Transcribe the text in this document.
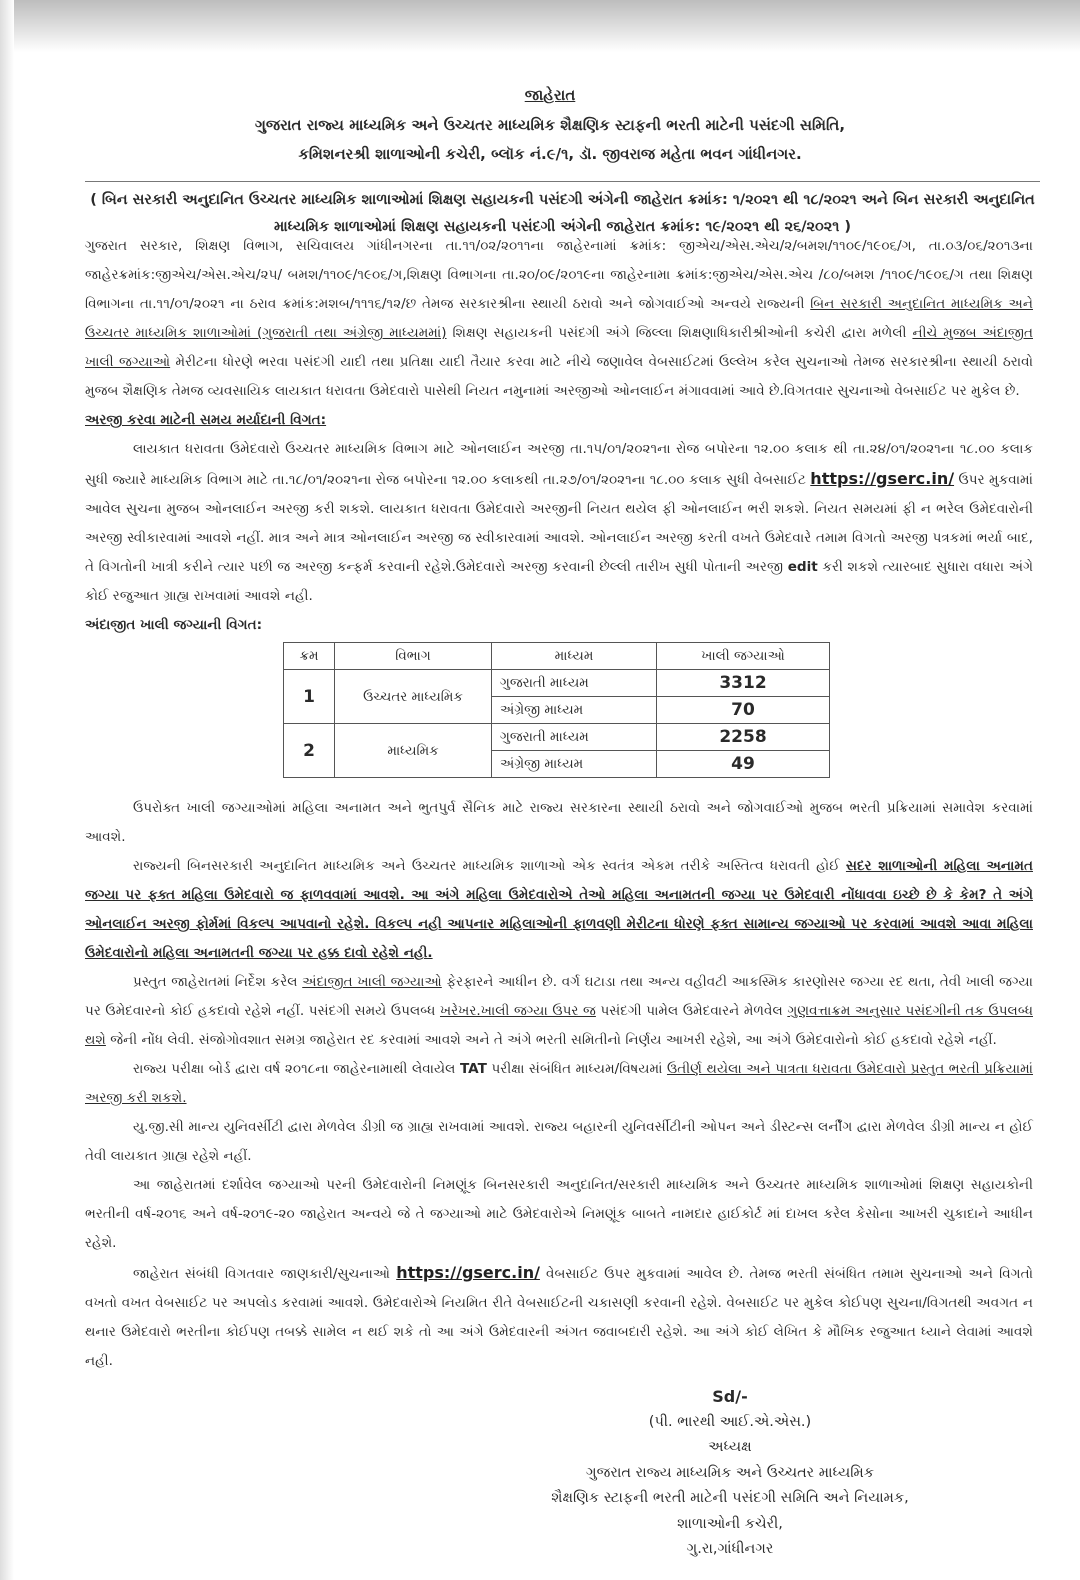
જાહેરાત
ગુજરાત રાજ્ય માધ્યમિક અને ઉચ્ચતર માધ્યમિક શૈક્ષણિક સ્ટાફની ભરતી માટેની પસંદગી સમિતિ,
કમિશનરશ્રી શાળાઓની કચેરી, બ્લૉક નં.૯/૧, ડૉ. જીવરાજ મહેતા ભવન ગાંધીનગર.
( બિન સરકારી અનુદાનિત ઉચ્ચતર માધ્યમિક શાળાઓમાં શિક્ષણ સહાયકની પસંદગી અંગેની જાહેરાત ક્રમાંક: ૧/૨૦૨૧ થી ૧૮/૨૦૨૧ અને બિન સરકારી અનુદાનિત માધ્યમિક શાળાઓમાં શિક્ષણ સહાયકની પસંદગી અંગેની જાહેરાત ક્રમાંક: ૧૯/૨૦૨૧ થી ૨૬/૨૦૨૧ )

ગુજરાત સરકાર, શિક્ષણ વિભાગ, સચિવાલય ગાંધીનગરના તા.૧૧/૦૨/૨૦૧૧ના જાહેરનામાં ક્રમાંક: જીએચ/એસ.એચ/૨/બમશ/૧૧૦૯/૧૯૦૬/ગ, તા.૦૩/૦૬/૨૦૧૩ના જાહેરક્રમાંક:જીએચ/એસ.એચ/૨૫/ બમશ/૧૧૦૯/૧૯૦૬/ગ,શિક્ષણ વિભાગના તા.૨૦/૦૯/૨૦૧૯ના જાહેરનામા ક્રમાંક:જીએચ/એસ.એચ /૮૦/બમશ /૧૧૦૯/૧૯૦૬/ગ તથા શિક્ષણ વિભાગના તા.૧૧/૦૧/૨૦૨૧ ના ઠરાવ ક્રમાંક:મશબ/૧૧૧૬/૧૨/છ તેમજ સરકારશ્રીના સ્થાયી ઠરાવો અને જોગવાઈઓ અન્વયે રાજ્યની બિન સરકારી અનુદાનિત માધ્યમિક અને ઉચ્ચતર માધ્યમિક શાળાઓમાં (ગુજરાતી તથા અંગ્રેજી માધ્યમમાં) શિક્ષણ સહાયકની પસંદગી અંગે જિલ્લા શિક્ષણાધિકારીશ્રીઓની કચેરી દ્વારા મળેલી નીચે મુજબ અંદાજીત ખાલી જગ્યાઓ મેરીટના ધોરણે ભરવા પસંદગી યાદી તથા પ્રતિક્ષા યાદી તૈયાર કરવા માટે નીચે જણાવેલ વેબસાઈટમાં ઉલ્લેખ કરેલ સુચનાઓ તેમજ સરકારશ્રીના સ્થાયી ઠરાવો મુજબ શૈક્ષણિક તેમજ વ્યવસાયિક લાયકાત ધરાવતા ઉમેદવારો પાસેથી નિયત નમુનામાં અરજીઓ ઓનલાઈન મંગાવવામાં આવે છે.વિગતવાર સુચનાઓ વેબસાઈટ પર મુકેલ છે.

અરજી કરવા માટેની સમય મર્યાદાની વિગત:

લાયકાત ધરાવતા ઉમેદવારો ઉચ્ચતર માધ્યમિક વિભાગ માટે ઓનલાઈન અરજી તા.૧૫/૦૧/૨૦૨૧ના રોજ બપોરના ૧૨.૦૦ કલાક થી તા.૨૪/૦૧/૨૦૨૧ના ૧૮.૦૦ કલાક સુધી જ્યારે માધ્યમિક વિભાગ માટે તા.૧૮/૦૧/૨૦૨૧ના રોજ બપોરના ૧૨.૦૦ કલાકથી તા.૨૭/૦૧/૨૦૨૧ના ૧૮.૦૦ કલાક સુધી વેબસાઈટ https://gserc.in/ ઉપર મુકવામાં આવેલ સુચના મુજબ ઓનલાઈન અરજી કરી શકશે. લાયકાત ધરાવતા ઉમેદવારો અરજીની નિયત થયેલ ફી ઓનલાઈન ભરી શકશે. નિયત સમયમાં ફી ન ભરેલ ઉમેદવારોની અરજી સ્વીકારવામાં આવશે નહીં. માત્ર અને માત્ર ઓનલાઈન અરજી જ સ્વીકારવામાં આવશે. ઓનલાઈન અરજી કરતી વખતે ઉમેદવારે તમામ વિગતો અરજી પત્રકમાં ભર્યા બાદ, તે વિગતોની ખાત્રી કરીને ત્યાર પછી જ અરજી કન્ફર્મ કરવાની રહેશે.ઉમેદવારો અરજી કરવાની છેલ્લી તારીખ સુધી પોતાની અરજી edit કરી શકશે ત્યારબાદ સુધારા વધારા અંગે કોઈ રજુઆત ગ્રાહ્ય રાખવામાં આવશે નહી.

અંદાજીત ખાલી જગ્યાની વિગત:

ક્રમ	વિભાગ	માધ્યમ	ખાલી જગ્યાઓ
1	ઉચ્ચતર માધ્યમિક	ગુજરાતી માધ્યમ	3312
		અંગ્રેજી માધ્યમ	70
2	માધ્યમિક	ગુજરાતી માધ્યમ	2258
		અંગ્રેજી માધ્યમ	49

ઉપરોક્ત ખાલી જગ્યાઓમાં મહિલા અનામત અને ભુતપુર્વ સૈનિક માટે રાજ્ય સરકારના સ્થાયી ઠરાવો અને જોગવાઈઓ મુજબ ભરતી પ્રક્રિયામાં સમાવેશ કરવામાં આવશે.

રાજ્યની બિનસરકારી અનુદાનિત માધ્યમિક અને ઉચ્ચતર માધ્યમિક શાળાઓ એક સ્વતંત્ર એકમ તરીકે અસ્તિત્વ ધરાવતી હોઈ સદર શાળાઓની મહિલા અનામત જગ્યા પર ફક્ત મહિલા ઉમેદવારો જ ફાળવવામાં આવશે. આ અંગે મહિલા ઉમેદવારોએ તેઓ મહિલા અનામતની જગ્યા પર ઉમેદવારી નોંધાવવા ઇચ્છે છે કે કેમ? તે અંગે ઓનલાઈન અરજી ફોર્મમાં વિકલ્પ આપવાનો રહેશે. વિકલ્પ નહી આપનાર મહિલાઓની ફાળવણી મેરીટના ધોરણે ફક્ત સામાન્ય જગ્યાઓ પર કરવામાં આવશે આવા મહિલા ઉમેદવારોનો મહિલા અનામતની જગ્યા પર હક્ક દાવો રહેશે નહી.

પ્રસ્તુત જાહેરાતમાં નિર્દેશ કરેલ અંદાજીત ખાલી જગ્યાઓ ફેરફારને આધીન છે. વર્ગ ઘટાડા તથા અન્ય વહીવટી આકસ્મિક કારણોસર જગ્યા રદ થતા, તેવી ખાલી જગ્યા પર ઉમેદવારનો કોઈ હકદાવો રહેશે નહીં. પસંદગી સમયે ઉપલબ્ધ ખરેખર.ખાલી જગ્યા ઉપર જ પસંદગી પામેલ ઉમેદવારને મેળવેલ ગુણવત્તાક્રમ અનુસાર પસંદગીની તક ઉપલબ્ધ થશે જેની નોંધ લેવી. સંજોગોવશાત સમગ્ર જાહેરાત રદ કરવામાં આવશે અને તે અંગે ભરતી સમિતીનો નિર્ણય આખરી રહેશે, આ અંગે ઉમેદવારોનો કોઈ હકદાવો રહેશે નહીં.

રાજ્ય પરીક્ષા બોર્ડ દ્વારા વર્ષ ૨૦૧૮ના જાહેરનામાથી લેવાયેલ TAT પરીક્ષા સંબંધિત માધ્યમ/વિષયમાં ઉતીર્ણ થયેલા અને પાત્રતા ધરાવતા ઉમેદવારો પ્રસ્તુત ભરતી પ્રક્રિયામાં અરજી કરી શકશે.

યુ.જી.સી માન્ય યુનિવર્સીટી દ્વારા મેળવેલ ડીગ્રી જ ગ્રાહ્ય રાખવામાં આવશે. રાજ્ય બહારની યુનિવર્સીટીની ઓપન અને ડીસ્ટન્સ લર્નીંગ દ્વારા મેળવેલ ડીગ્રી માન્ય ન હોઈ તેવી લાયકાત ગ્રાહ્ય રહેશે નહીં.

આ જાહેરાતમાં દર્શાવેલ જગ્યાઓ પરની ઉમેદવારોની નિમણૂંક બિનસરકારી અનુદાનિત/સરકારી માધ્યમિક અને ઉચ્ચતર માધ્યમિક શાળાઓમાં શિક્ષણ સહાયકોની ભરતીની વર્ષ-૨૦૧૬ અને વર્ષ-૨૦૧૯-૨૦ જાહેરાત અન્વયે જે તે જગ્યાઓ માટે ઉમેદવારોએ નિમણૂંક બાબતે નામદાર હાઈકોર્ટ માં દાખલ કરેલ કેસોના આખરી ચુકાદાને આધીન રહેશે.

જાહેરાત સંબંધી વિગતવાર જાણકારી/સુચનાઓ https://gserc.in/ વેબસાઈટ ઉપર મુકવામાં આવેલ છે. તેમજ ભરતી સંબંધિત તમામ સુચનાઓ અને વિગતો વખતો વખત વેબસાઈટ પર અપલોડ કરવામાં આવશે. ઉમેદવારોએ નિયમિત રીતે વેબસાઈટની ચકાસણી કરવાની રહેશે. વેબસાઈટ પર મુકેલ કોઈપણ સુચના/વિગતથી અવગત ન થનાર ઉમેદવારો ભરતીના કોઈપણ તબક્કે સામેલ ન થઈ શકે તો આ અંગે ઉમેદવારની અંગત જવાબદારી રહેશે. આ અંગે કોઈ લેખિત કે મૌખિક રજુઆત ધ્યાને લેવામાં આવશે નહી.

Sd/-
(પી. ભારથી આઈ.એ.એસ.)
અધ્યક્ષ
ગુજરાત રાજ્ય માધ્યમિક અને ઉચ્ચતર માધ્યમિક
શૈક્ષણિક સ્ટાફની ભરતી માટેની પસંદગી સમિતિ અને નિયામક,
શાળાઓની કચેરી,
ગુ.રા,ગાંધીનગર
